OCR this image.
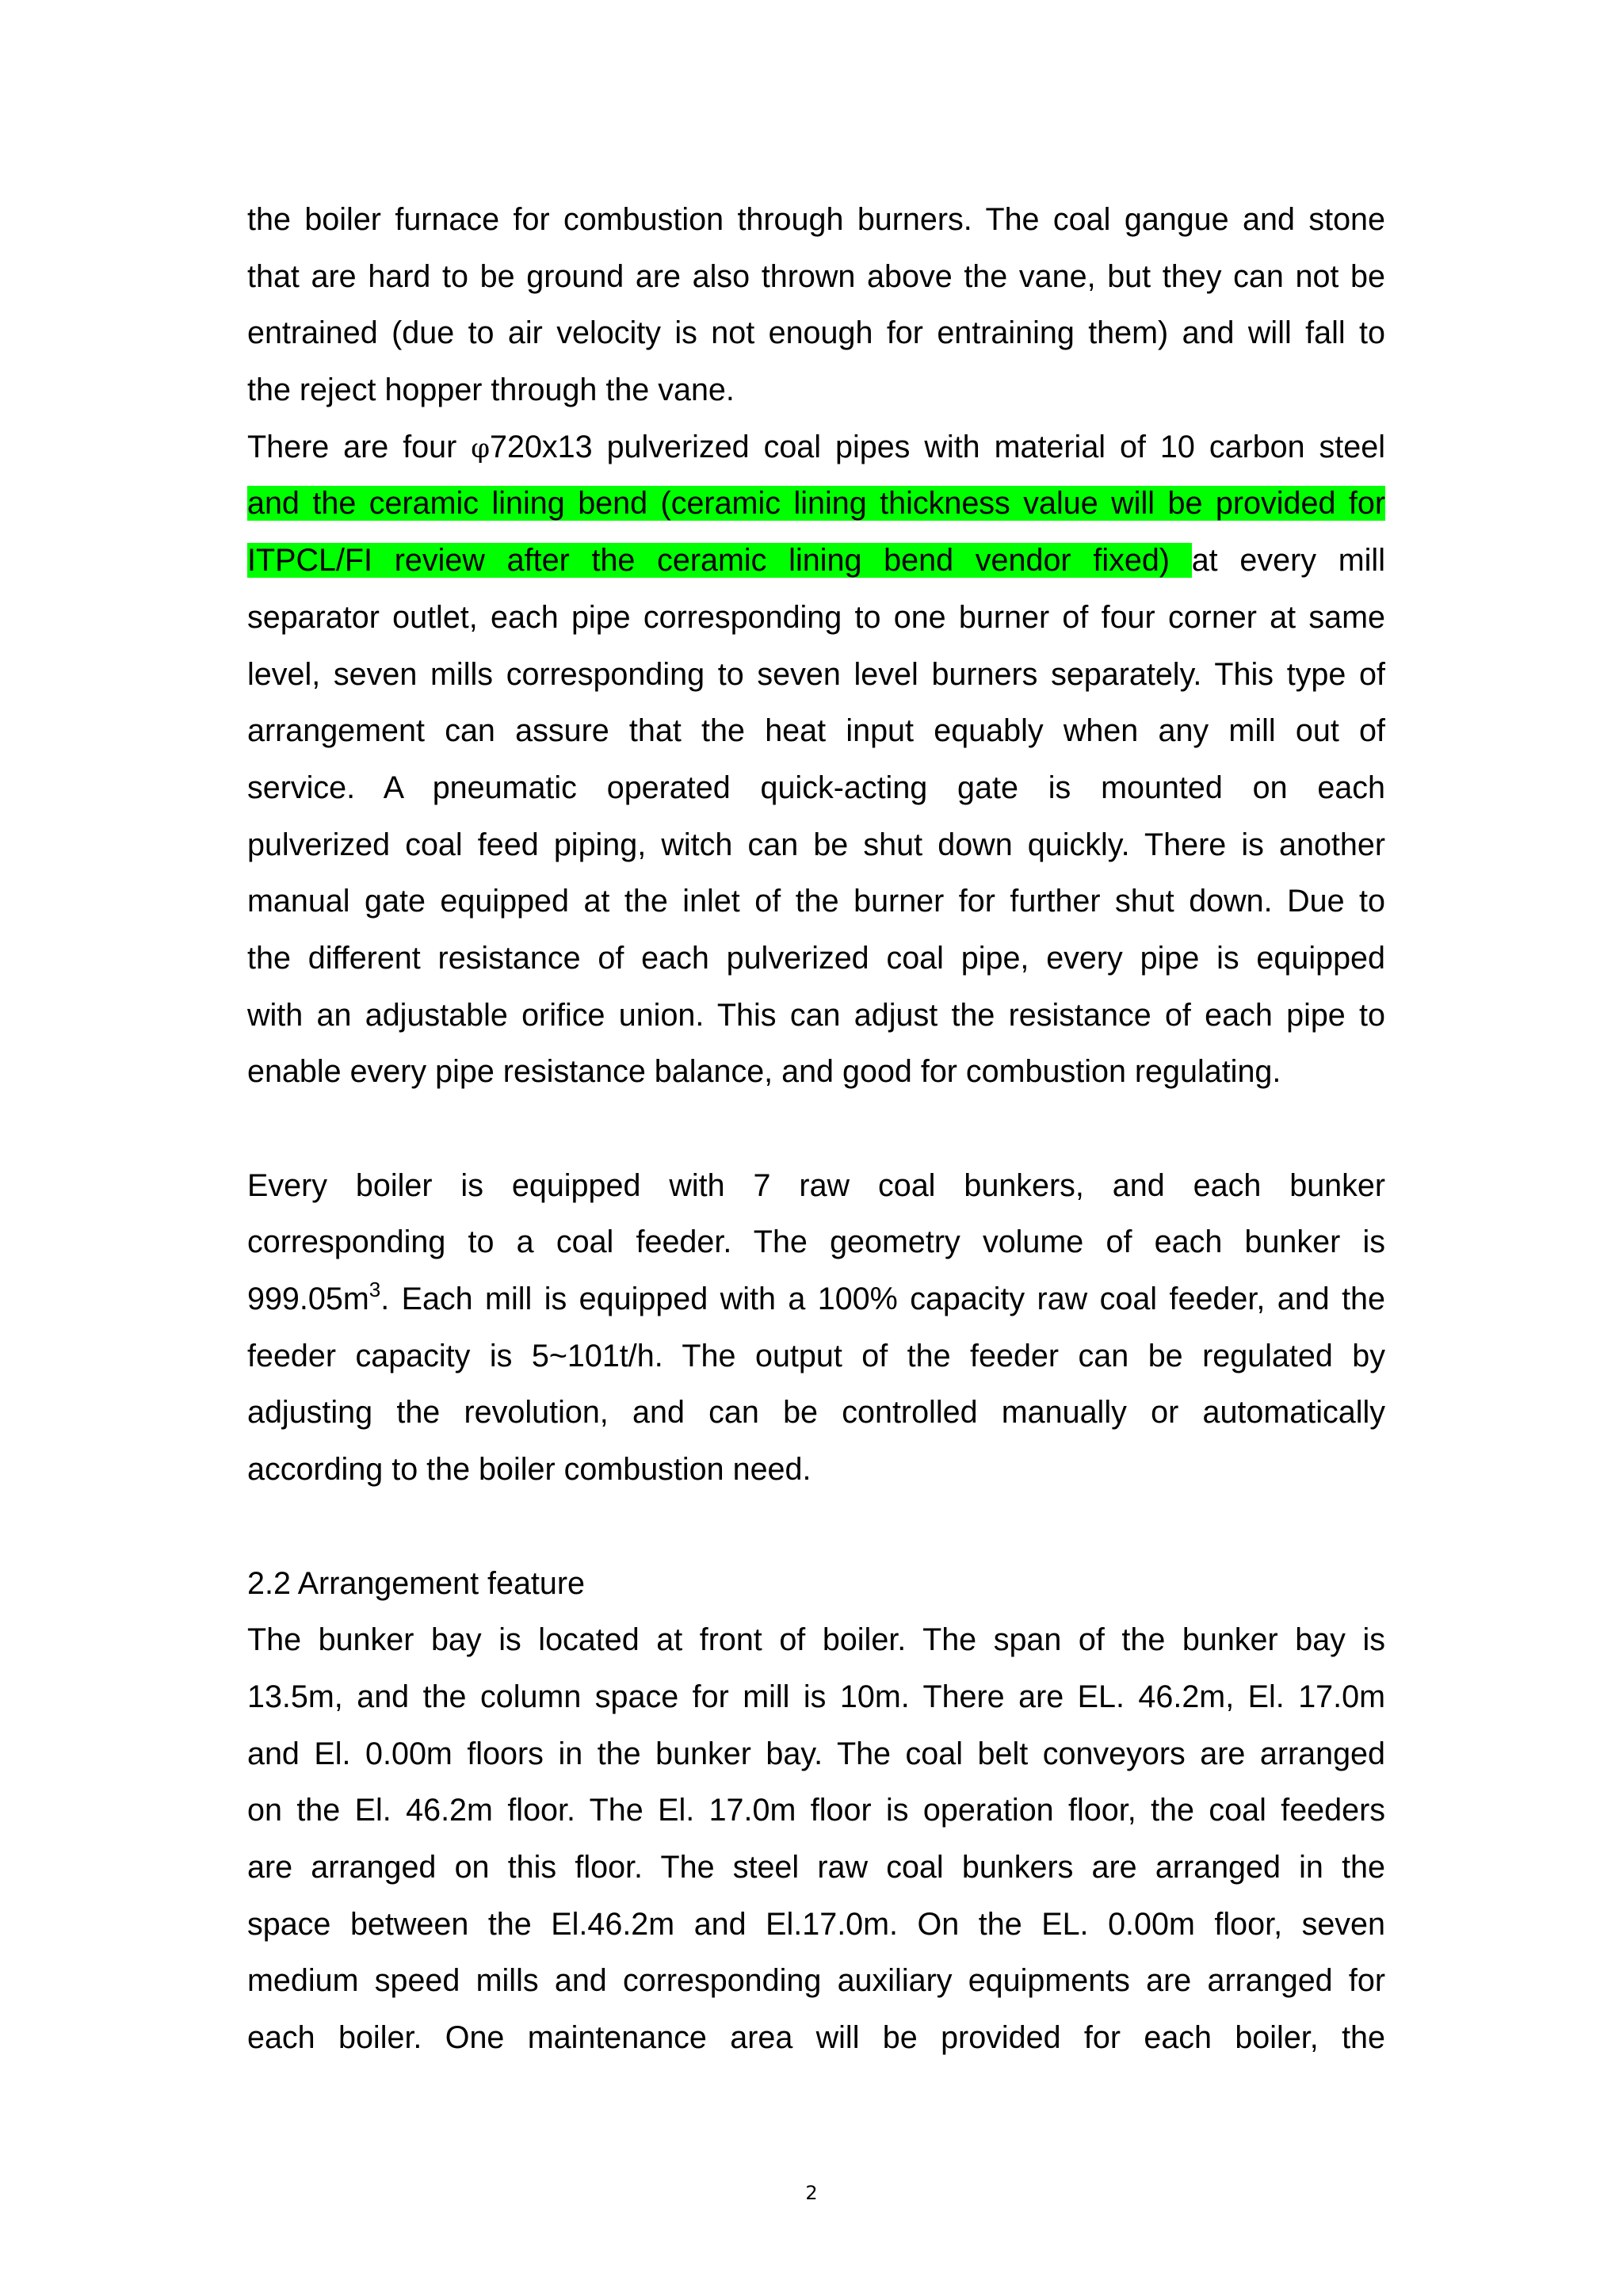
the boiler furnace for combustion through burners. The coal gangue and stone
that are hard to be ground are also thrown above the vane, but they can not be
entrained (due to air velocity is not enough for entraining them) and will fall to
the reject hopper through the vane.
There are four φ720x13 pulverized coal pipes with material of 10 carbon steel
and the ceramic lining bend (ceramic lining thickness value will be provided for
ITPCL/FI review after the ceramic lining bend vendor fixed) at every mill
separator outlet, each pipe corresponding to one burner of four corner at same
level, seven mills corresponding to seven level burners separately. This type of
arrangement can assure that the heat input equably when any mill out of
service. A pneumatic operated quick-acting gate is mounted on each
pulverized coal feed piping, witch can be shut down quickly. There is another
manual gate equipped at the inlet of the burner for further shut down. Due to
the different resistance of each pulverized coal pipe, every pipe is equipped
with an adjustable orifice union. This can adjust the resistance of each pipe to
enable every pipe resistance balance, and good for combustion regulating.
Every boiler is equipped with 7 raw coal bunkers, and each bunker
corresponding to a coal feeder. The geometry volume of each bunker is
$999.05m^3$. Each mill is equipped with a 100% capacity raw coal feeder, and the
feeder capacity is 5~101t/h. The output of the feeder can be regulated by
adjusting the revolution, and can be controlled manually or automatically
according to the boiler combustion need.
2.2 Arrangement feature
The bunker bay is located at front of boiler. The span of the bunker bay is
13.5m, and the column space for mill is 10m. There are EL. 46.2m, El. 17.0m
and El. 0.00m floors in the bunker bay. The coal belt conveyors are arranged
on the El. 46.2m floor. The El. 17.0m floor is operation floor, the coal feeders
are arranged on this floor. The steel raw coal bunkers are arranged in the
space between the El.46.2m and El.17.0m. On the EL. 0.00m floor, seven
medium speed mills and corresponding auxiliary equipments are arranged for
each boiler. One maintenance area will be provided for each boiler, the
2
